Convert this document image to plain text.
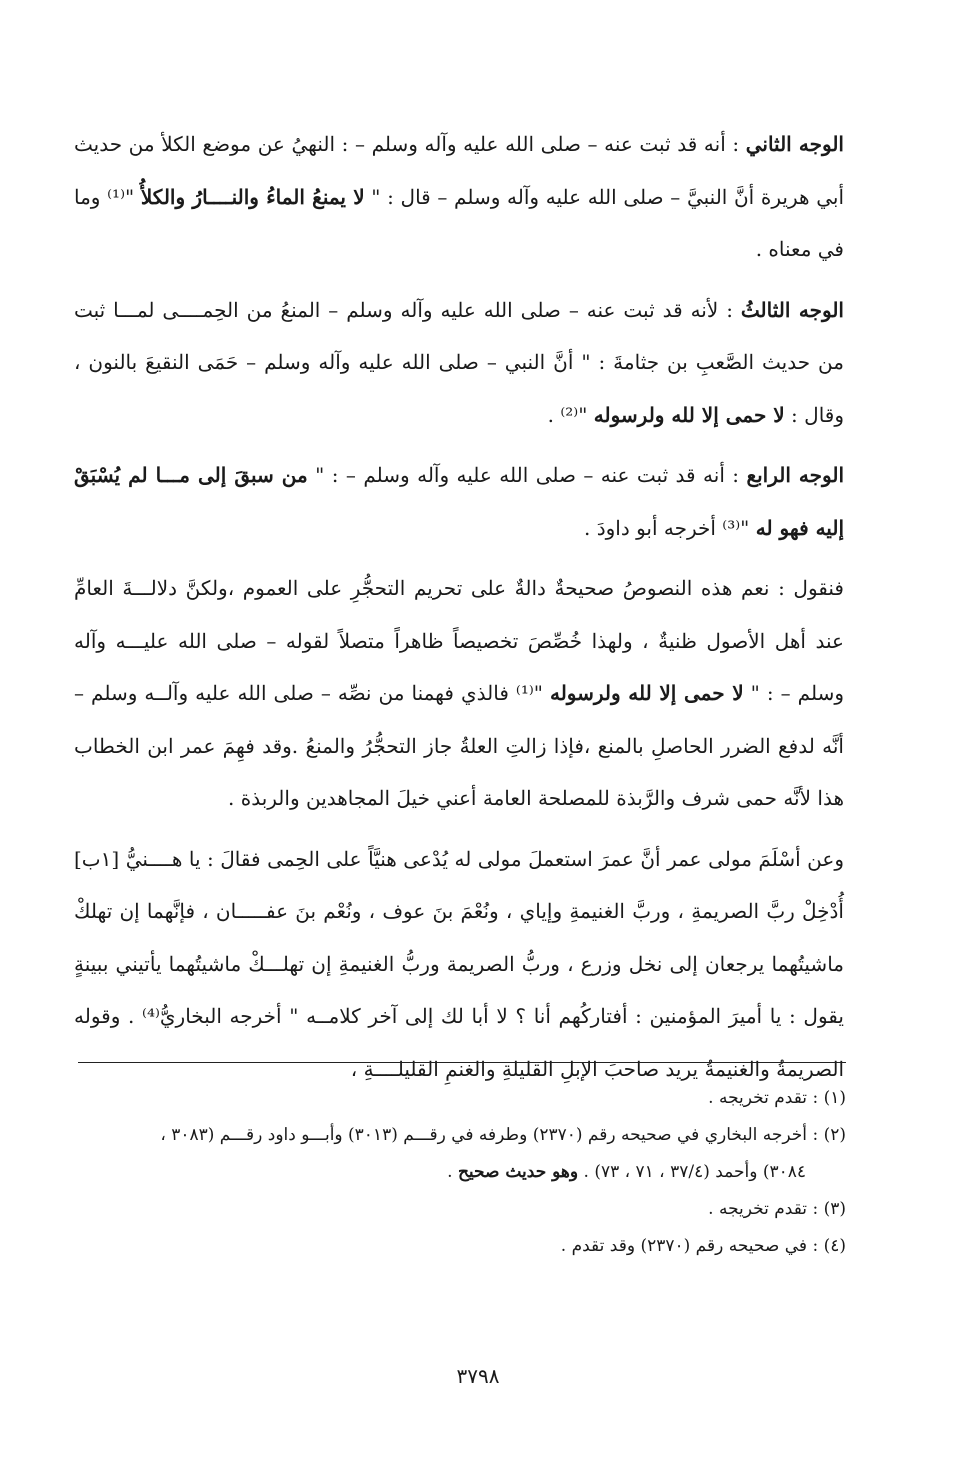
الوجه الثاني : أنه قد ثبت عنه – صلى الله عليه وآله وسلم – : النهيُ عن موضع الكلأ من حديث أبي هريرة أنَّ النبيَّ – صلى الله عليه وآله وسلم – قال : " لا يمنعُ الماءُ والنــــارُ والكلأُ "⁽¹⁾ وما في معناه .

الوجه الثالثُ : لأنه قد ثبت عنه – صلى الله عليه وآله وسلم – المنعُ من الحِمــــى لمـــا ثبت من حديث الصَّعبِ بن جثامةَ : " أنَّ النبي – صلى الله عليه وآله وسلم – حَمَى النقيعَ بالنون ، وقال : لا حمى إلا لله ولرسوله "⁽²⁾ .

الوجه الرابع : أنه قد ثبت عنه – صلى الله عليه وآله وسلم – : " من سبقَ إلى مـــا لم يُسْبَقْ إليه فهو له "⁽³⁾ أخرجه أبو داودَ .

فنقول : نعم هذه النصوصُ صحيحةٌ دالةٌ على تحريم التحجُّرِ على العموم ،ولكنَّ دلالـــةَ العامِّ عند أهل الأصول ظنيةٌ ، ولهذا خُصِّصَ تخصيصاً ظاهراً متصلاً لقوله – صلى الله عليـــه وآله وسلم – : " لا حمى إلا لله ولرسوله "⁽¹⁾ فالذي فهمنا من نصِّه – صلى الله عليه وآلــه وسلم – أنَّه لدفع الضرر الحاصلِ بالمنع ،فإذا زالتِ العلةُ جاز التحجُّرُ والمنعُ .وقد فهِمَ عمر ابن الخطاب هذا لأنَّه حمى شرف والرَّبذة للمصلحة العامة أعني خيلَ المجاهدين والربذة .

وعن أسْلَمَ مولى عمر أنَّ عمرَ استعملَ مولى له يُدْعى هنيَّاً على الحِمى فقالَ : يا هــــنيُّ [١ب] أُدْخِلْ ربَّ الصريمةِ ، وربَّ الغنيمةِ وإياي ، ونُعْمَ بنَ عوف ، ونُعْم بنَ عفـــــان ، فإنَّهما إن تهلكْ ماشيتُهما يرجعان إلى نخل وزرع ، وربُّ الصريمة وربُّ الغنيمةِ إن تهلـــكْ ماشيتُهما يأتيني ببينةٍ يقول : يا أميرَ المؤمنين : أفتاركُهم أنا ؟ لا أبا لك إلى آخر كلامــه " أخرجه البخاريُّ⁽⁴⁾ . وقوله الصريمةُ والغنيمةُ يريد صاحبَ الإبلِ القليلةِ والغنمِ القليلــــةِ ،

(١) : تقدم تخريجه .

(٢) : أخرجه البخاري في صحيحه رقم (٢٣٧٠) وطرفه في رقـــم (٣٠١٣) وأبـــو داود رقـــم (٣٠٨٣ ،

٣٠٨٤) وأحمد (٣٧/٤ ، ٧١ ، ٧٣) . وهو حديث صحيح .

(٣) : تقدم تخريجه .

(٤) : في صحيحه رقم (٢٣٧٠) وقد تقدم .

٣٧٩٨
